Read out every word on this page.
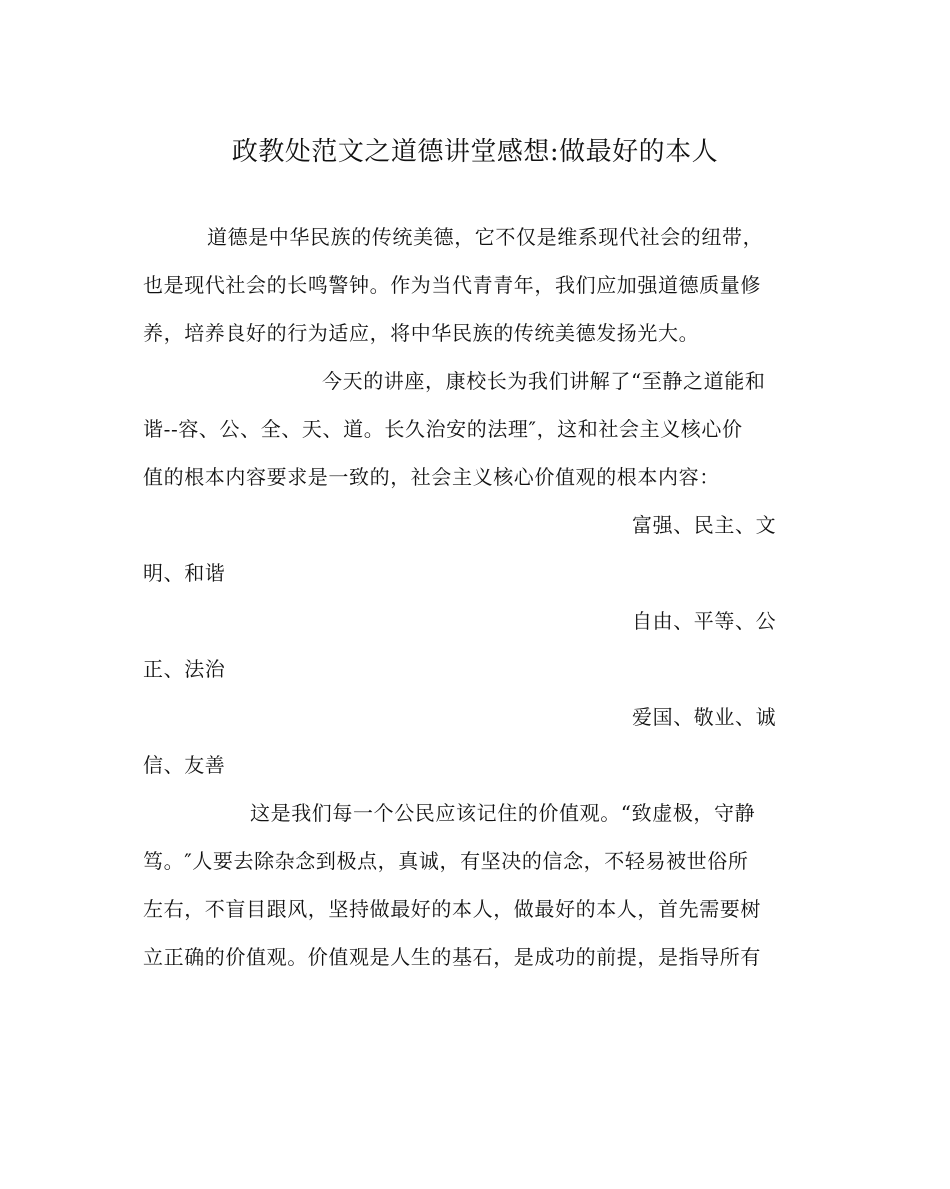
政教处范文之道德讲堂感想:做最好的本人
道德是中华民族的传统美德，它不仅是维系现代社会的纽带，
也是现代社会的长鸣警钟。作为当代青青年，我们应加强道德质量修
养，培养良好的行为适应，将中华民族的传统美德发扬光大。
今天的讲座，康校长为我们讲解了“至静之道能和
谐--容、公、全、天、道。长久治安的法理″，这和社会主义核心价
值的根本内容要求是一致的，社会主义核心价值观的根本内容：
富强、民主、文
明、和谐
自由、平等、公
正、法治
爱国、敬业、诚
信、友善
这是我们每一个公民应该记住的价值观。“致虚极，守静
笃。″人要去除杂念到极点，真诚，有坚决的信念，不轻易被世俗所
左右，不盲目跟风，坚持做最好的本人，做最好的本人，首先需要树
立正确的价值观。价值观是人生的基石，是成功的前提，是指导所有
